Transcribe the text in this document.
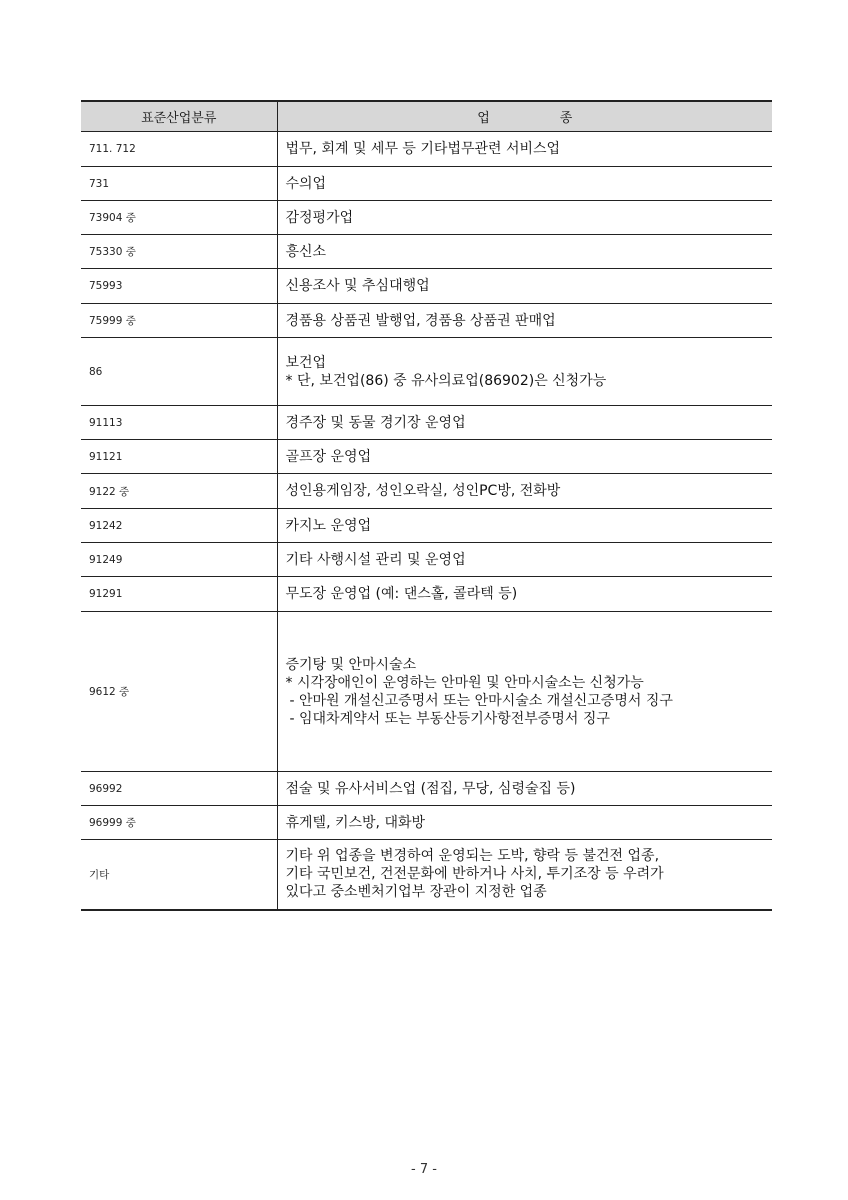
표준산업분류	업 종
711. 712	법무, 회계 및 세무 등 기타법무관련 서비스업

731	수의업

73904 중	감정평가업

75330 중	흥신소

75993	신용조사 및 추심대행업

75999 중	경품용 상품권 발행업, 경품용 상품권 판매업

86	보건업
* 단, 보건업(86) 중 유사의료업(86902)은 신청가능

91113	경주장 및 동물 경기장 운영업

91121	골프장 운영업

9122 중	성인용게임장, 성인오락실, 성인PC방, 전화방

91242	카지노 운영업

91249	기타 사행시설 관리 및 운영업

91291	무도장 운영업 (예: 댄스홀, 콜라텍 등)

9612 중	증기탕 및 안마시술소
* 시각장애인이 운영하는 안마원 및 안마시술소는 신청가능
- 안마원 개설신고증명서 또는 안마시술소 개설신고증명서 징구
- 임대차계약서 또는 부동산등기사항전부증명서 징구

96992	점술 및 유사서비스업 (점집, 무당, 심령술집 등)

96999 중	휴게텔, 키스방, 대화방

기타	기타 위 업종을 변경하여 운영되는 도박, 향락 등 불건전 업종,
기타 국민보건, 건전문화에 반하거나 사치, 투기조장 등 우려가
있다고 중소벤처기업부 장관이 지정한 업종
- 7 -
